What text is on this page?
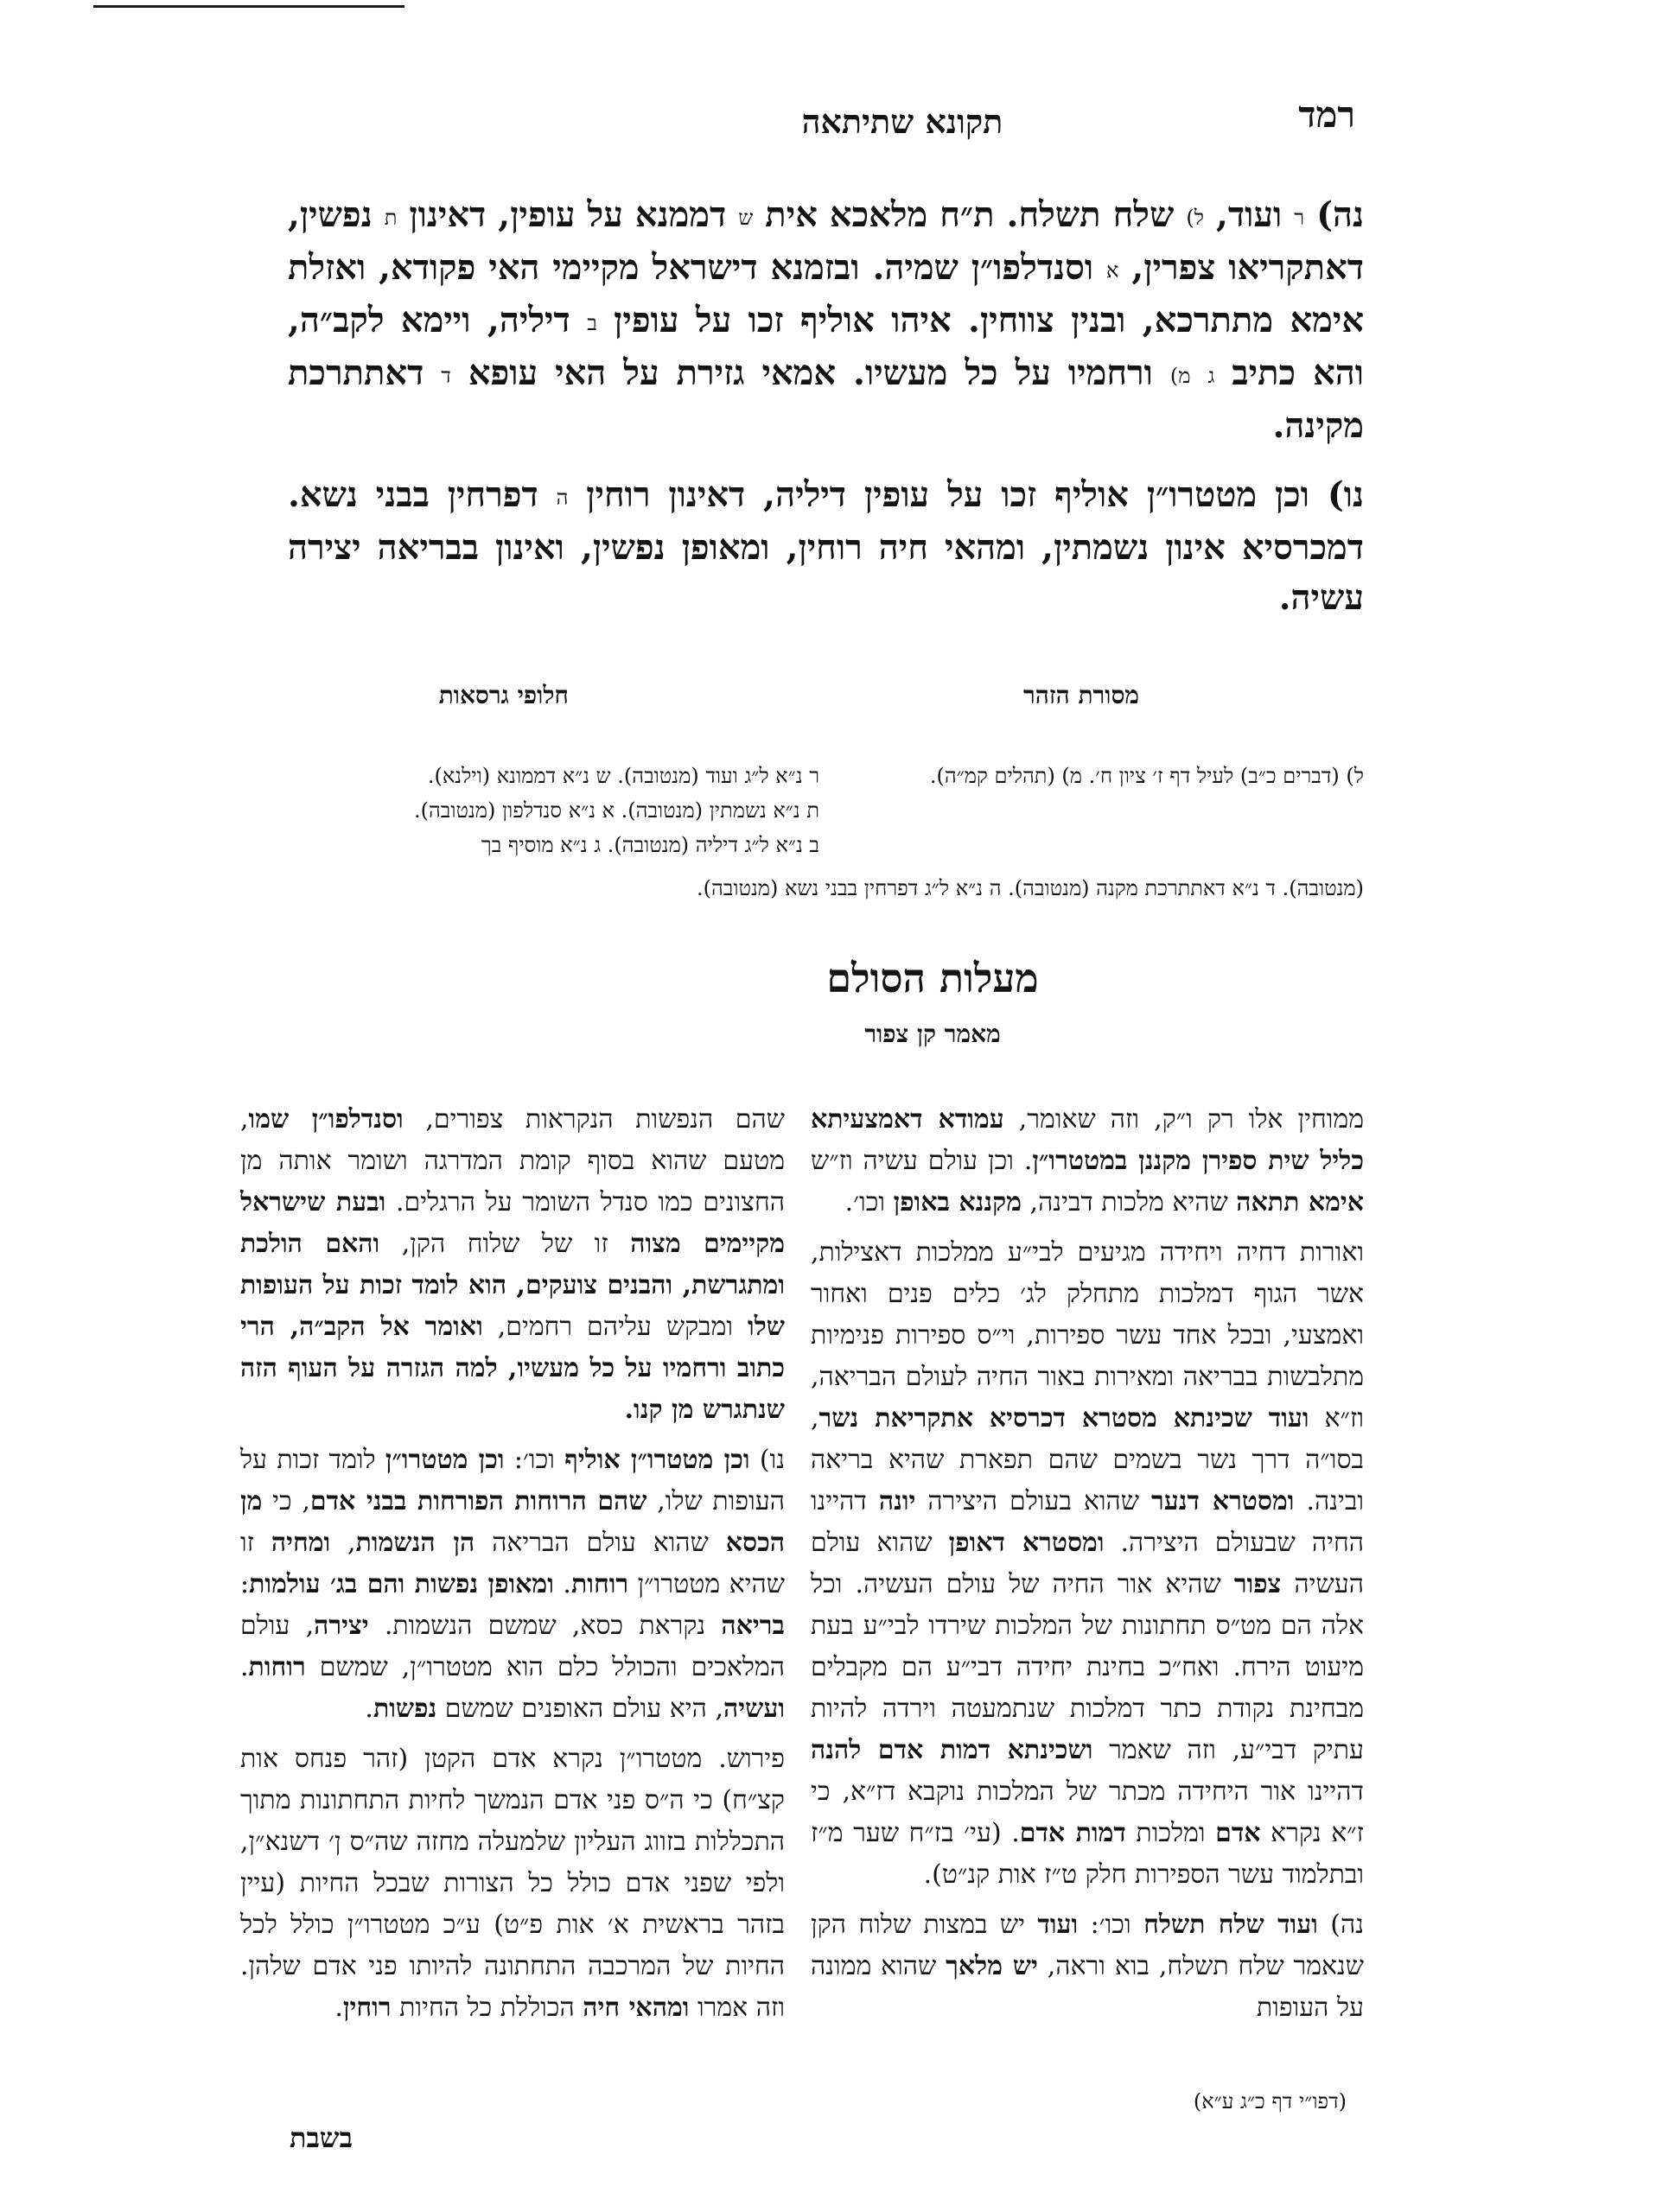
רמד
תקונא שתיתאה

נה) ר ועוד, ל) שלח תשלח. ת״ח מלאכא אית ש דממנא על עופין, דאינון ת נפשין, דאתקריאו צפרין, א וסנדלפו״ן שמיה. ובזמנא דישראל מקיימי האי פקודא, ואזלת אימא מתתרכא, ובנין צווחין. איהו אוליף זכו על עופין ב דיליה, ויימא לקב״ה, והא כתיב ג מ) ורחמיו על כל מעשיו. אמאי גזירת על האי עופא ד דאתתרכת מקינה.

נו) וכן מטטרו״ן אוליף זכו על עופין דיליה, דאינון רוחין ה דפרחין בבני נשא. דמכרסיא אינון נשמתין, ומהאי חיה רוחין, ומאופן נפשין, ואינון בבריאה יצירה עשיה.

מסורת הזהר
חלופי גרסאות
ל) (דברים כ״ב) לעיל דף ז׳ ציון ח׳. מ) (תהלים קמ״ה).
ר נ״א ל״ג ועוד (מנטובה). ש נ״א דממונא (וילנא).
ת נ״א נשמתין (מנטובה). א נ״א סנדלפון (מנטובה).
ב נ״א ל״ג דיליה (מנטובה). ג נ״א מוסיף בך
(מנטובה). ד נ״א דאתתרכת מקנה (מנטובה). ה נ״א ל״ג דפרחין בבני נשא (מנטובה).
מעלות הסולם
מאמר קן צפור

ממוחין אלו רק ו״ק, וזה שאומר, עמודא דאמצעיתא כליל שית ספירן מקננן במטטרו״ן. וכן עולם עשיה וז״ש אימא תתאה שהיא מלכות דבינה, מקננא באופן וכו׳.

ואורות דחיה ויחידה מגיעים לבי״ע ממלכות דאצילות, אשר הגוף דמלכות מתחלק לג׳ כלים פנים ואחור ואמצעי, ובכל אחד עשר ספירות, וי״ס ספירות פנימיות מתלבשות בבריאה ומאירות באור החיה לעולם הבריאה, וז״א ועוד שכינתא מסטרא דכרסיא אתקריאת נשר, בסו״ה דרך נשר בשמים שהם תפארת שהיא בריאה ובינה. ומסטרא דנער שהוא בעולם היצירה יונה דהיינו החיה שבעולם היצירה. ומסטרא דאופן שהוא עולם העשיה צפור שהיא אור החיה של עולם העשיה. וכל אלה הם מט״ס תחתונות של המלכות שירדו לבי״ע בעת מיעוט הירח. ואח״כ בחינת יחידה דבי״ע הם מקבלים מבחינת נקודת כתר דמלכות שנתמעטה וירדה להיות עתיק דבי״ע, וזה שאמר ושכינתא דמות אדם להנה דהיינו אור היחידה מכתר של המלכות נוקבא דז״א, כי ז״א נקרא אדם ומלכות דמות אדם. (עי׳ בז״ח שער מ״ז ובתלמוד עשר הספירות חלק ט״ז אות קנ״ט).

נה) ועוד שלח תשלח וכו׳: ועוד יש במצות שלוח הקן שנאמר שלח תשלח, בוא וראה, יש מלאך שהוא ממונה על העופות

שהם הנפשות הנקראות צפורים, וסנדלפו״ן שמו, מטעם שהוא בסוף קומת המדרגה ושומר אותה מן החצונים כמו סנדל השומר על הרגלים. ובעת שישראל מקיימים מצוה זו של שלוח הקן, והאם הולכת ומתגרשת, והבנים צועקים, הוא לומד זכות על העופות שלו ומבקש עליהם רחמים, ואומר אל הקב״ה, הרי כתוב ורחמיו על כל מעשיו, למה הגזרה על העוף הזה שנתגרש מן קנו.

נו) וכן מטטרו״ן אוליף וכו׳: וכן מטטרו״ן לומד זכות על העופות שלו, שהם הרוחות הפורחות בבני אדם, כי מן הכסא שהוא עולם הבריאה הן הנשמות, ומחיה זו שהיא מטטרו״ן רוחות. ומאופן נפשות והם בג׳ עולמות: בריאה נקראת כסא, שמשם הנשמות. יצירה, עולם המלאכים והכולל כלם הוא מטטרו״ן, שמשם רוחות. ועשיה, היא עולם האופנים שמשם נפשות.

פירוש. מטטרו״ן נקרא אדם הקטן (זהר פנחס אות קצ״ח) כי ה״ס פני אדם הנמשך לחיות התחתונות מתוך התכללות בזווג העליון שלמעלה מחזה שה״ס ן׳ דשנא״ן, ולפי שפני אדם כולל כל הצורות שבכל החיות (עיין בזהר בראשית א׳ אות פ״ט) ע״כ מטטרו״ן כולל לכל החיות של המרכבה התחתונה להיותו פני אדם שלהן. וזה אמרו ומהאי חיה הכוללת כל החיות רוחין.

(דפו״י דף כ״ג ע״א)
בשבת
